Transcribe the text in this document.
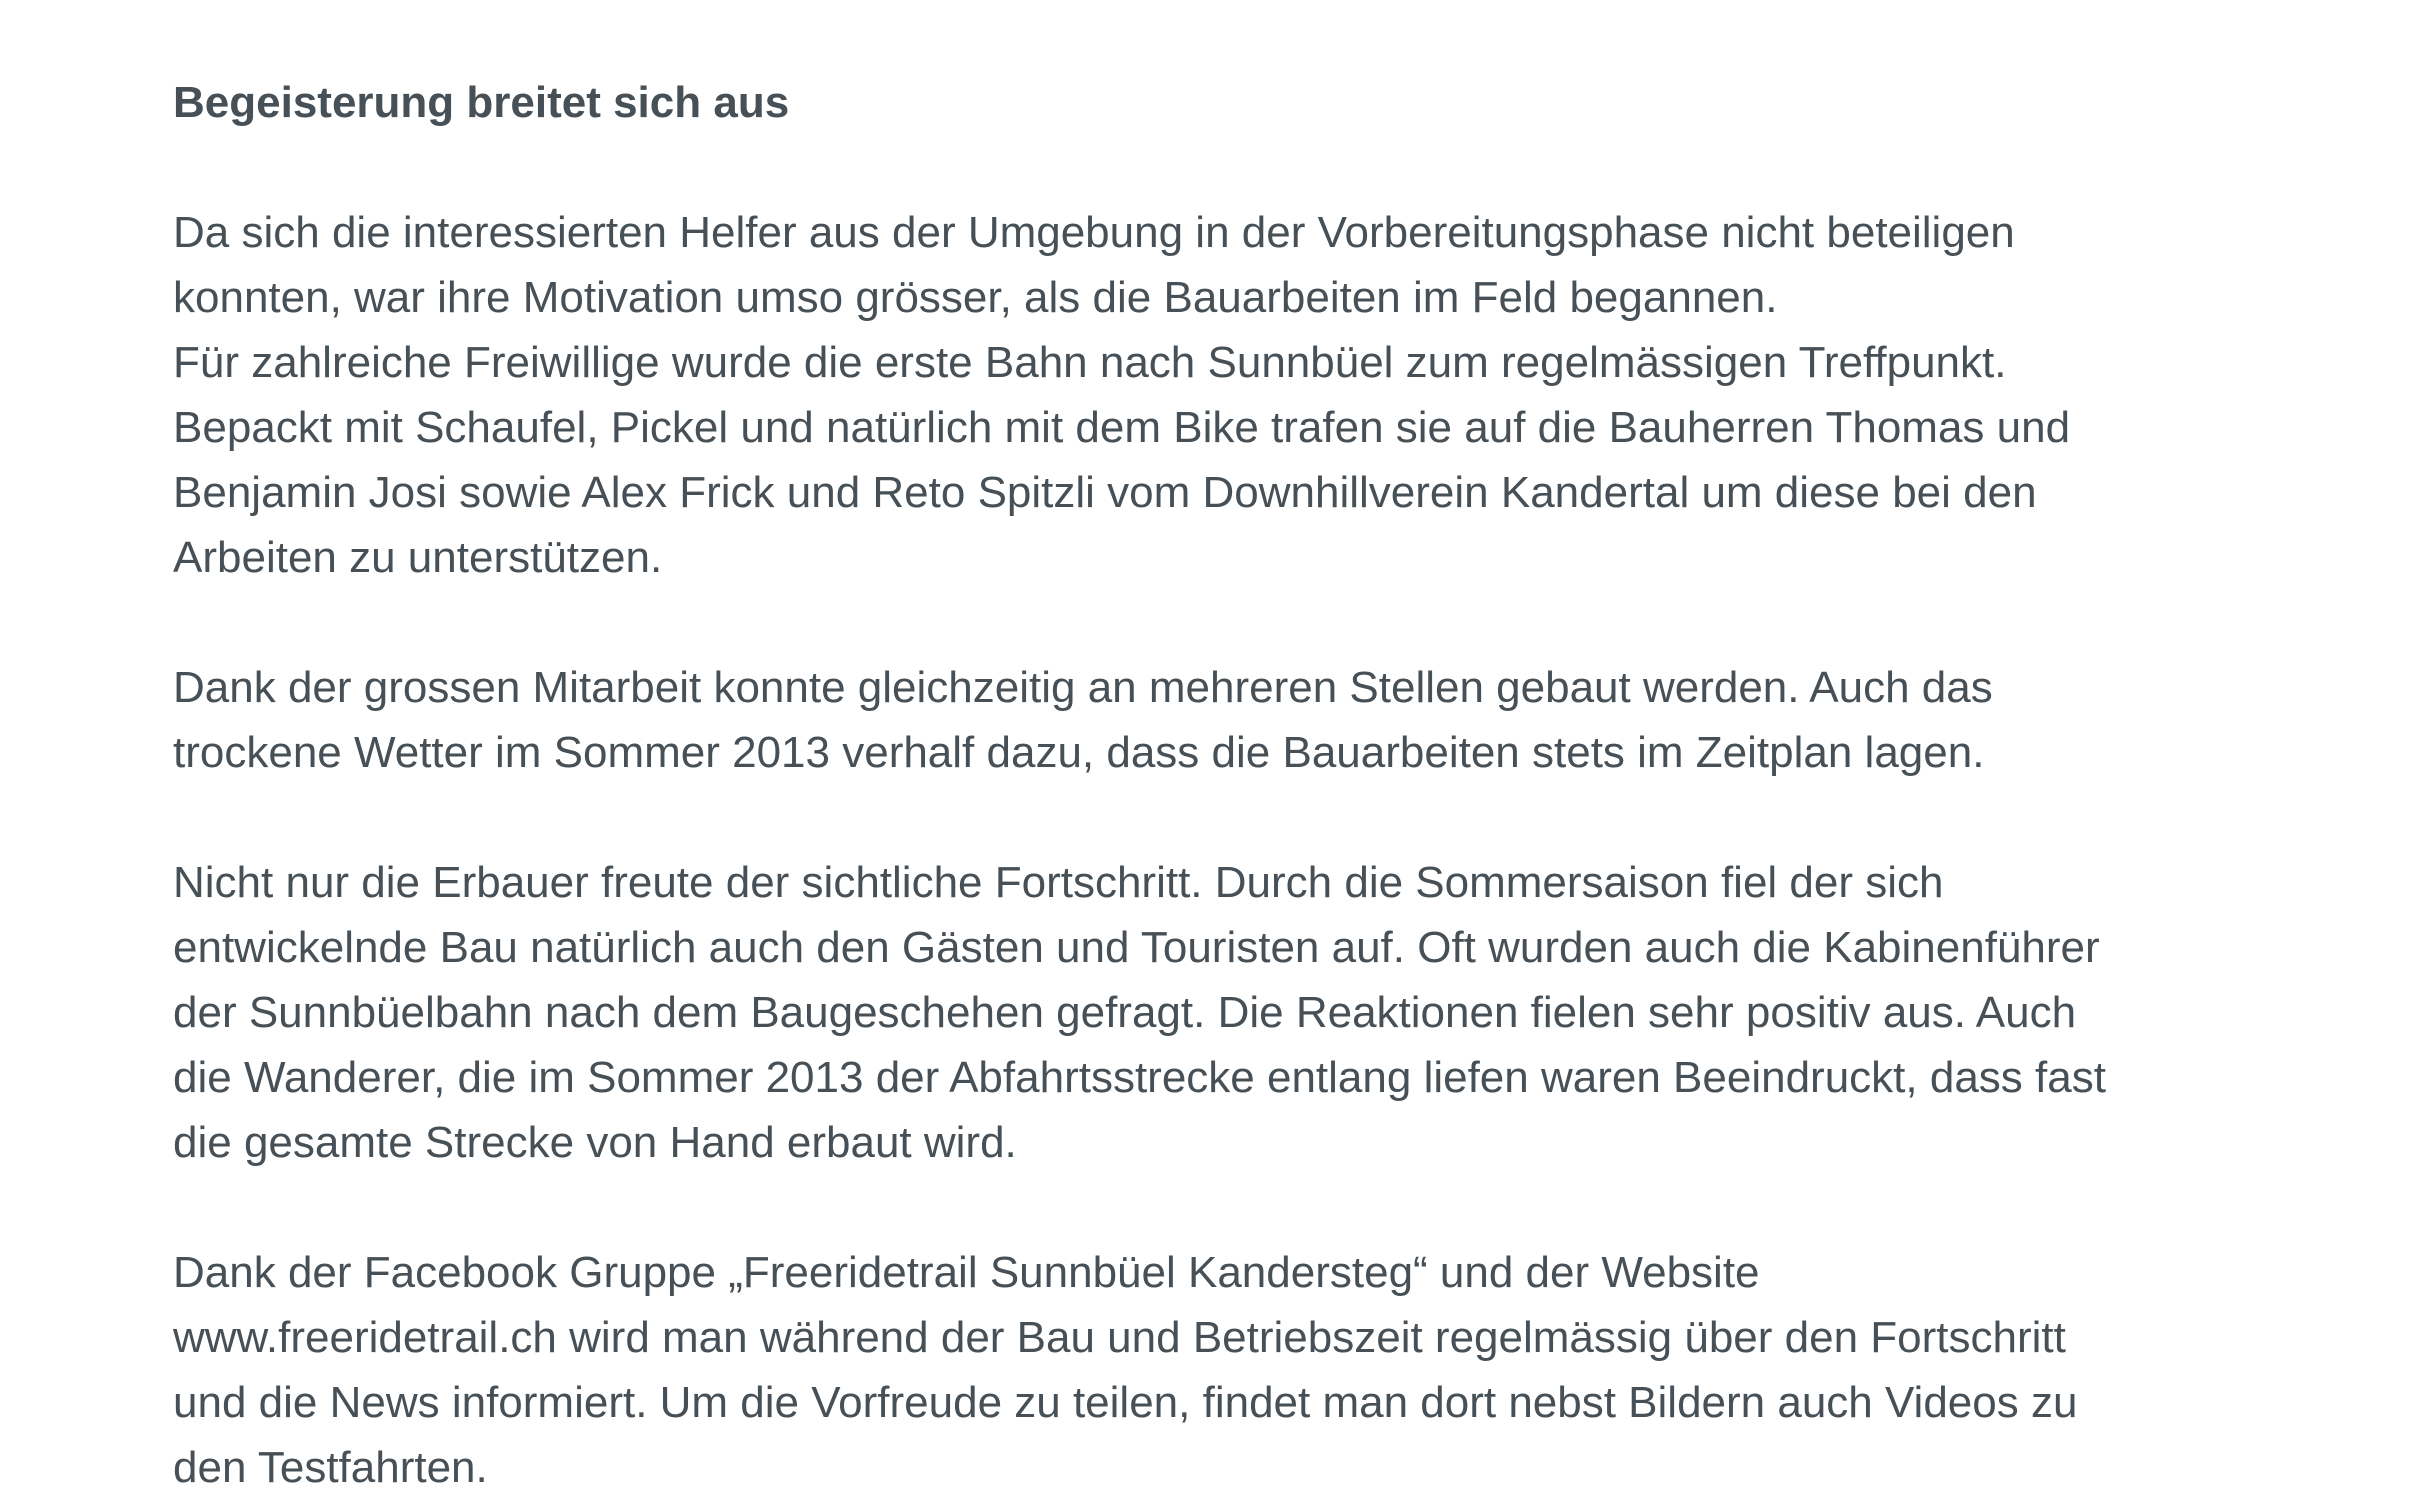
Begeisterung breitet sich aus
Da sich die interessierten Helfer aus der Umgebung in der Vorbereitungsphase nicht beteiligen
konnten, war ihre Motivation umso grösser, als die Bauarbeiten im Feld begannen.
Für zahlreiche Freiwillige wurde die erste Bahn nach Sunnbüel zum regelmässigen Treffpunkt.
Bepackt mit Schaufel, Pickel und natürlich mit dem Bike trafen sie auf die Bauherren Thomas und
Benjamin Josi sowie Alex Frick und Reto Spitzli vom Downhillverein Kandertal um diese bei den
Arbeiten zu unterstützen.
Dank der grossen Mitarbeit konnte gleichzeitig an mehreren Stellen gebaut werden. Auch das
trockene Wetter im Sommer 2013 verhalf dazu, dass die Bauarbeiten stets im Zeitplan lagen.
Nicht nur die Erbauer freute der sichtliche Fortschritt. Durch die Sommersaison fiel der sich
entwickelnde Bau natürlich auch den Gästen und Touristen auf. Oft wurden auch die Kabinenführer
der Sunnbüelbahn nach dem Baugeschehen gefragt. Die Reaktionen fielen sehr positiv aus. Auch
die Wanderer, die im Sommer 2013 der Abfahrtsstrecke entlang liefen waren Beeindruckt, dass fast
die gesamte Strecke von Hand erbaut wird.
Dank der Facebook Gruppe „Freeridetrail Sunnbüel Kandersteg“ und der Website
www.freeridetrail.ch wird man während der Bau und Betriebszeit regelmässig über den Fortschritt
und die News informiert. Um die Vorfreude zu teilen, findet man dort nebst Bildern auch Videos zu
den Testfahrten.
